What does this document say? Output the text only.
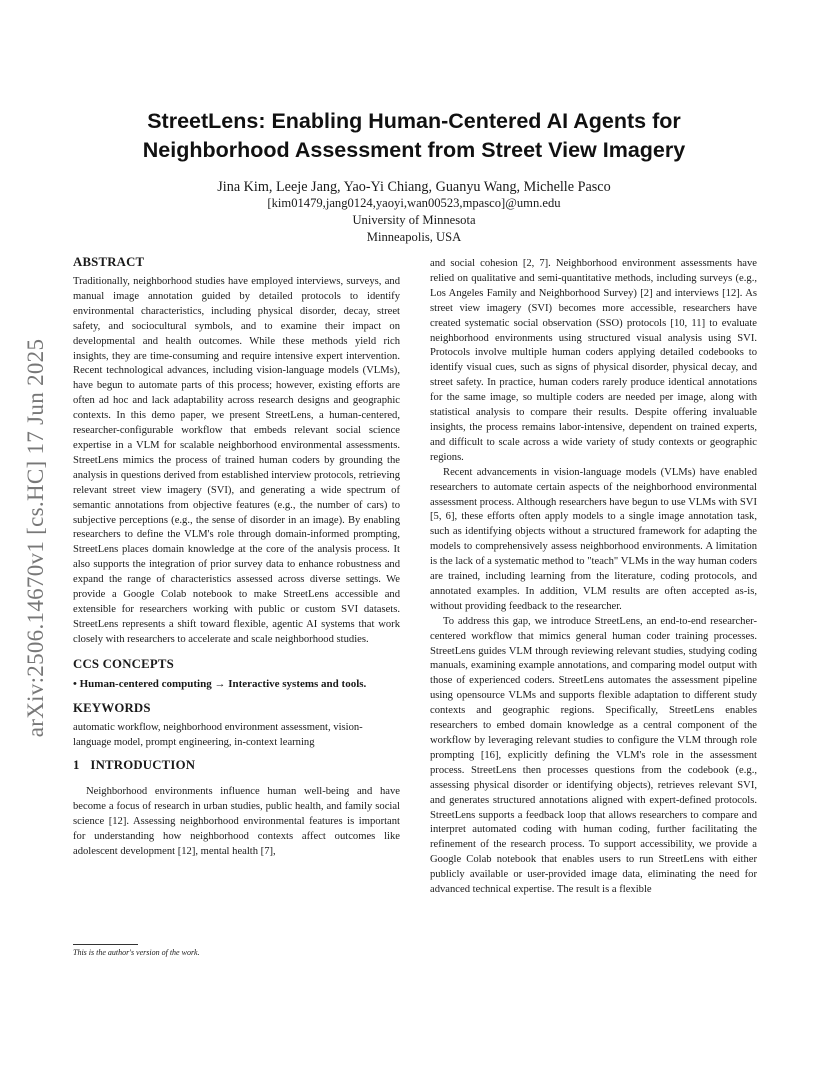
arXiv:2506.14670v1 [cs.HC] 17 Jun 2025
StreetLens: Enabling Human-Centered AI Agents for Neighborhood Assessment from Street View Imagery
Jina Kim, Leeje Jang, Yao-Yi Chiang, Guanyu Wang, Michelle Pasco
[kim01479,jang0124,yaoyi,wan00523,mpasco]@umn.edu
University of Minnesota
Minneapolis, USA
ABSTRACT

Traditionally, neighborhood studies have employed interviews, surveys, and manual image annotation guided by detailed protocols to identify environmental characteristics, including physical disorder, decay, street safety, and sociocultural symbols, and to examine their impact on developmental and health outcomes. While these methods yield rich insights, they are time-consuming and require intensive expert intervention. Recent technological advances, including vision-language models (VLMs), have begun to automate parts of this process; however, existing efforts are often ad hoc and lack adaptability across research designs and geographic contexts. In this demo paper, we present StreetLens, a human-centered, researcher-configurable workflow that embeds relevant social science expertise in a VLM for scalable neighborhood environmental assessments. StreetLens mimics the process of trained human coders by grounding the analysis in questions derived from established interview protocols, retrieving relevant street view imagery (SVI), and generating a wide spectrum of semantic annotations from objective features (e.g., the number of cars) to subjective perceptions (e.g., the sense of disorder in an image). By enabling researchers to define the VLM's role through domain-informed prompting, StreetLens places domain knowledge at the core of the analysis process. It also supports the integration of prior survey data to enhance robustness and expand the range of characteristics assessed across diverse settings. We provide a Google Colab notebook to make StreetLens accessible and extensible for researchers working with public or custom SVI datasets. StreetLens represents a shift toward flexible, agentic AI systems that work closely with researchers to accelerate and scale neighborhood studies.

CCS CONCEPTS
• Human-centered computing → Interactive systems and tools.
KEYWORDS

automatic workflow, neighborhood environment assessment, vision-language model, prompt engineering, in-context learning

1 INTRODUCTION

Neighborhood environments influence human well-being and have become a focus of research in urban studies, public health, and family social science [12]. Assessing neighborhood environmental features is important for understanding how neighborhood contexts affect outcomes like adolescent development [12], mental health [7],

and social cohesion [2, 7]. Neighborhood environment assessments have relied on qualitative and semi-quantitative methods, including surveys (e.g., Los Angeles Family and Neighborhood Survey) [2] and interviews [12]. As street view imagery (SVI) becomes more accessible, researchers have created systematic social observation (SSO) protocols [10, 11] to evaluate neighborhood environments using structured visual analysis using SVI. Protocols involve multiple human coders applying detailed codebooks to identify visual cues, such as signs of physical disorder, physical decay, and street safety. In practice, human coders rarely produce identical annotations for the same image, so multiple coders are needed per image, along with statistical analysis to compare their results. Despite offering invaluable insights, the process remains labor-intensive, dependent on trained experts, and difficult to scale across a wide variety of study contexts or geographic regions.

Recent advancements in vision-language models (VLMs) have enabled researchers to automate certain aspects of the neighborhood environmental assessment process. Although researchers have begun to use VLMs with SVI [5, 6], these efforts often apply models to a single image annotation task, such as identifying objects without a structured framework for adapting the models to comprehensively assess neighborhood environments. A limitation is the lack of a systematic method to "teach" VLMs in the way human coders are trained, including learning from the literature, coding protocols, and annotated examples. In addition, VLM results are often accepted as-is, without providing feedback to the researcher.

To address this gap, we introduce StreetLens, an end-to-end researcher-centered workflow that mimics general human coder training processes. StreetLens guides VLM through reviewing relevant studies, studying coding manuals, examining example annotations, and comparing model output with those of experienced coders. StreetLens automates the assessment pipeline using opensource VLMs and supports flexible adaptation to different study contexts and geographic regions. Specifically, StreetLens enables researchers to embed domain knowledge as a central component of the workflow by leveraging relevant studies to configure the VLM through role prompting [16], explicitly defining the VLM's role in the assessment process. StreetLens then processes questions from the codebook (e.g., assessing physical disorder or identifying objects), retrieves relevant SVI, and generates structured annotations aligned with expert-defined protocols. StreetLens supports a feedback loop that allows researchers to compare and interpret automated coding with human coding, further facilitating the refinement of the research process. To support accessibility, we provide a Google Colab notebook that enables users to run StreetLens with either publicly available or user-provided image data, eliminating the need for advanced technical expertise. The result is a flexible

This is the author's version of the work.
